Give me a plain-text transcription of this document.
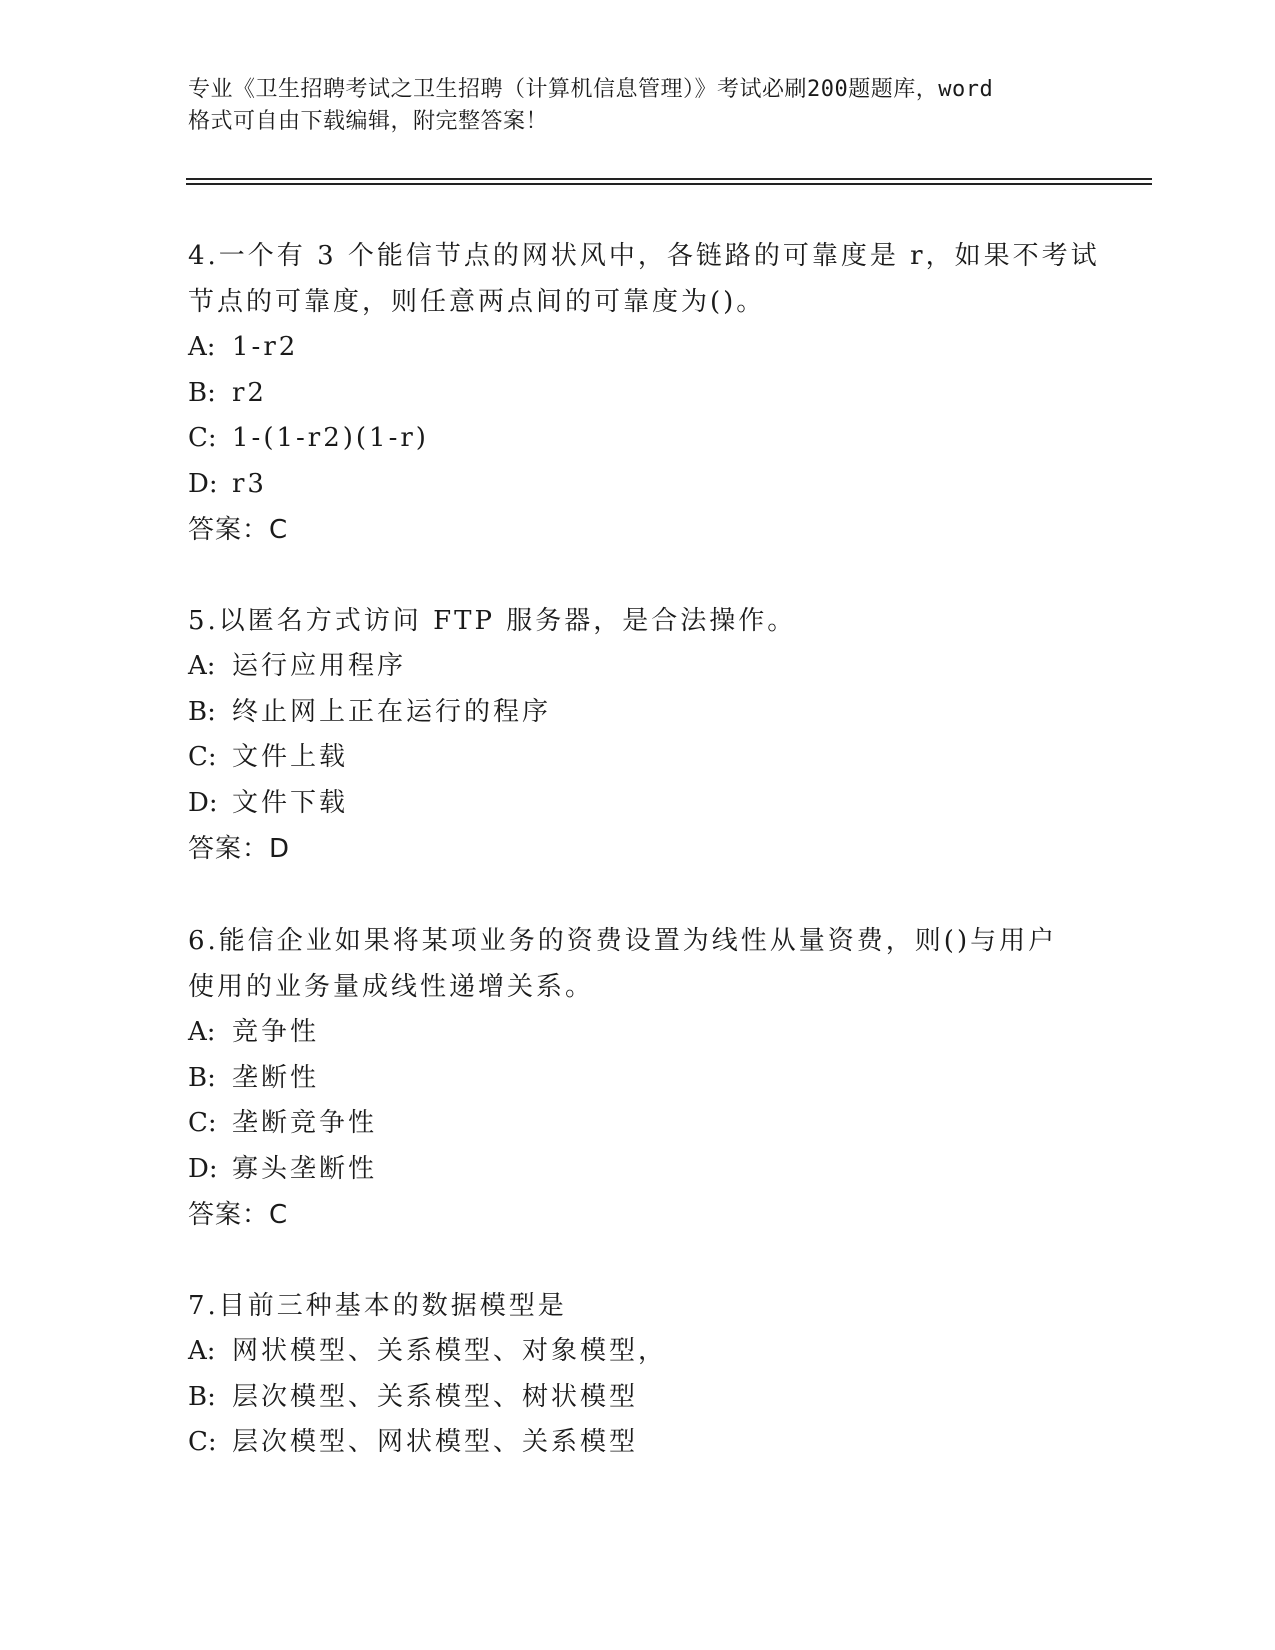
专业《卫生招聘考试之卫生招聘（计算机信息管理）》考试必刷200题题库，word
格式可自由下载编辑，附完整答案！
4.一个有 3 个能信节点的网状风中，各链路的可靠度是 r，如果不考试
节点的可靠度，则任意两点间的可靠度为()。
A: 1-r2
B: r2
C: 1-(1-r2)(1-r)
D: r3
答案：C
5.以匿名方式访问 FTP 服务器，是合法操作。
A: 运行应用程序
B: 终止网上正在运行的程序
C: 文件上载
D: 文件下载
答案：D
6.能信企业如果将某项业务的资费设置为线性从量资费，则()与用户
使用的业务量成线性递增关系。
A: 竞争性
B: 垄断性
C: 垄断竞争性
D: 寡头垄断性
答案：C
7.目前三种基本的数据模型是
A: 网状模型、关系模型、对象模型，
B: 层次模型、关系模型、树状模型
C: 层次模型、网状模型、关系模型
